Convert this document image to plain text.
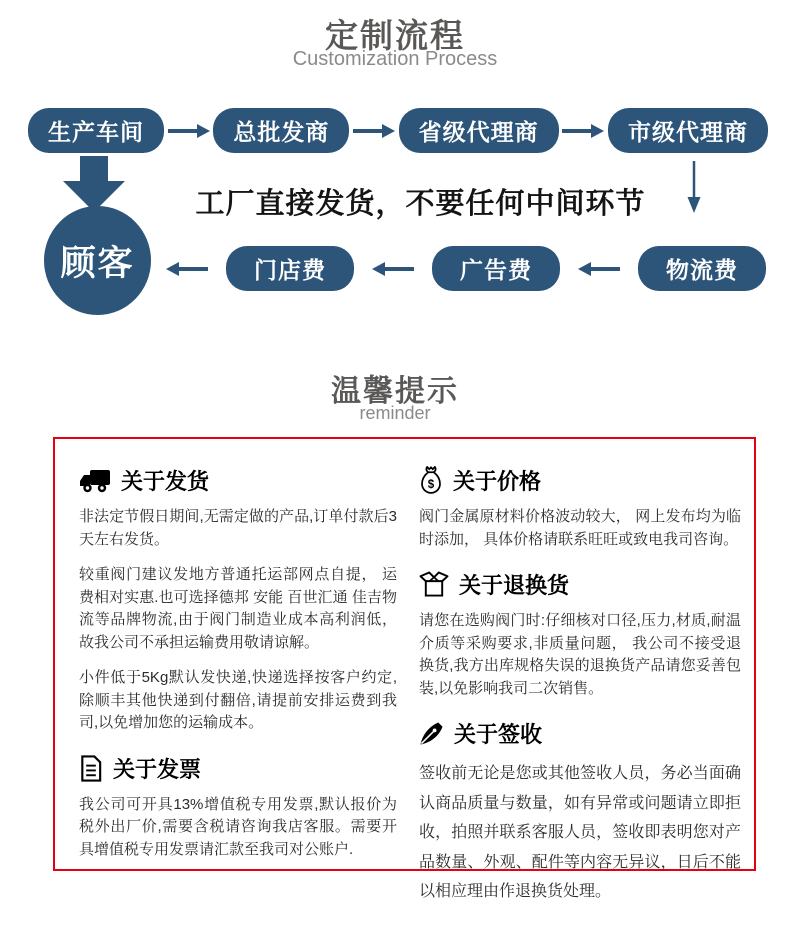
定制流程
Customization Process
生产车间	总批发商	省级代理商	市级代理商
工厂直接发货，不要任何中间环节
顾客	门店费	广告费	物流费
温馨提示
reminder
关于发货

非法定节假日期间,无需定做的产品,订单付款后3天左右发货。

较重阀门建议发地方普通托运部网点自提， 运费相对实惠.也可选择德邦 安能 百世汇通 佳吉物流等品牌物流,由于阀门制造业成本高利润低， 故我公司不承担运输费用敬请谅解。

小件低于5Kg默认发快递,快递选择按客户约定,除顺丰其他快递到付翻倍,请提前安排运费到我司,以免增加您的运输成本。

关于发票

我公司可开具13%增值税专用发票,默认报价为税外出厂价,需要含税请咨询我店客服。需要开具增值税专用发票请汇款至我司对公账户.

$ 关于价格

阀门金属原材料价格波动较大， 网上发布均为临时添加， 具体价格请联系旺旺或致电我司咨询。

关于退换货

请您在选购阀门时:仔细核对口径,压力,材质,耐温介质等采购要求,非质量问题， 我公司不接受退换货,我方出库规格失误的退换货产品请您妥善包装,以免影响我司二次销售。

关于签收

签收前无论是您或其他签收人员，务必当面确认商品质量与数量，如有异常或问题请立即拒收，拍照并联系客服人员，签收即表明您对产品数量、外观、配件等内容无异议，日后不能以相应理由作退换货处理。
